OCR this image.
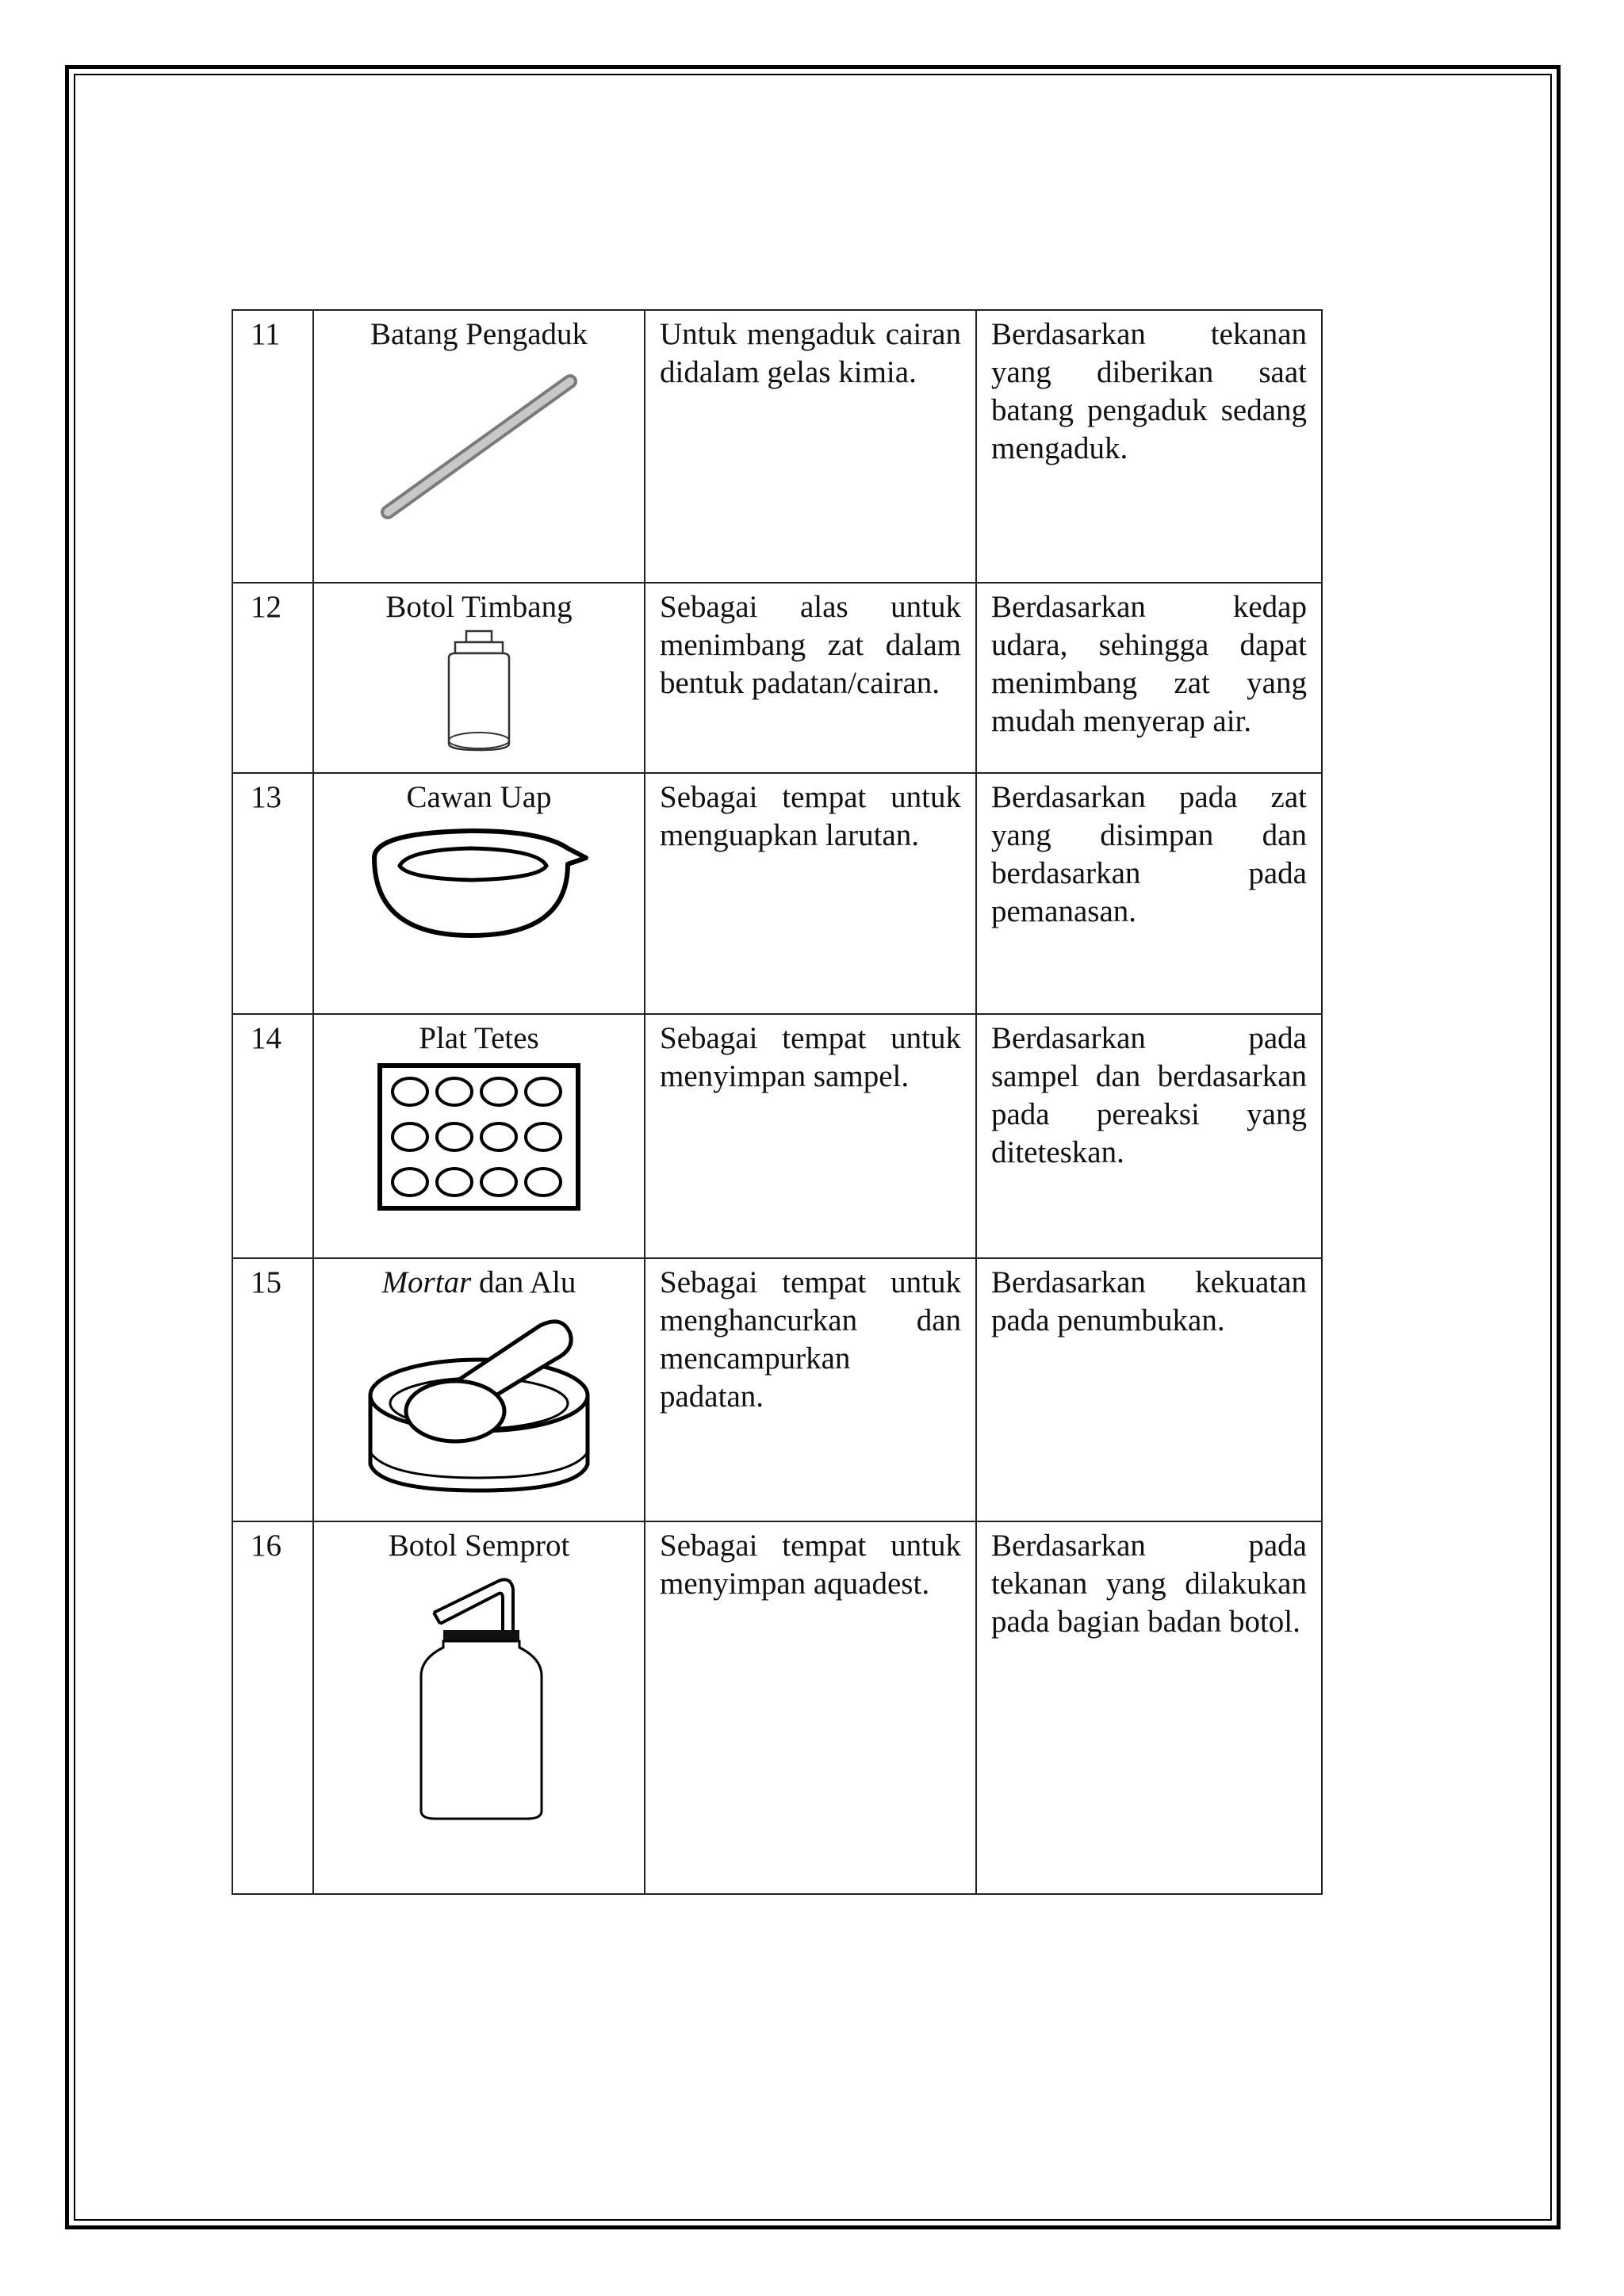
11	Batang Pengaduk	Untuk mengaduk cairan didalam gelas kimia.	Berdasarkan tekanan yang diberikan saat batang pengaduk sedang mengaduk.
12	Botol Timbang	Sebagai alas untuk menimbang zat dalam bentuk padatan/cairan.	Berdasarkan kedap udara, sehingga dapat menimbang zat yang mudah menyerap air.
13	Cawan Uap	Sebagai tempat untuk menguapkan larutan.	Berdasarkan pada zat yang disimpan dan berdasarkan pada pemanasan.
14	Plat Tetes	Sebagai tempat untuk menyimpan sampel.	Berdasarkan pada sampel dan berdasarkan pada pereaksi yang diteteskan.
15	Mortar dan Alu	Sebagai tempat untuk menghancurkan dan mencampurkan padatan.	Berdasarkan kekuatan pada penumbukan.
16	Botol Semprot	Sebagai tempat untuk menyimpan aquadest.	Berdasarkan pada tekanan yang dilakukan pada bagian badan botol.
